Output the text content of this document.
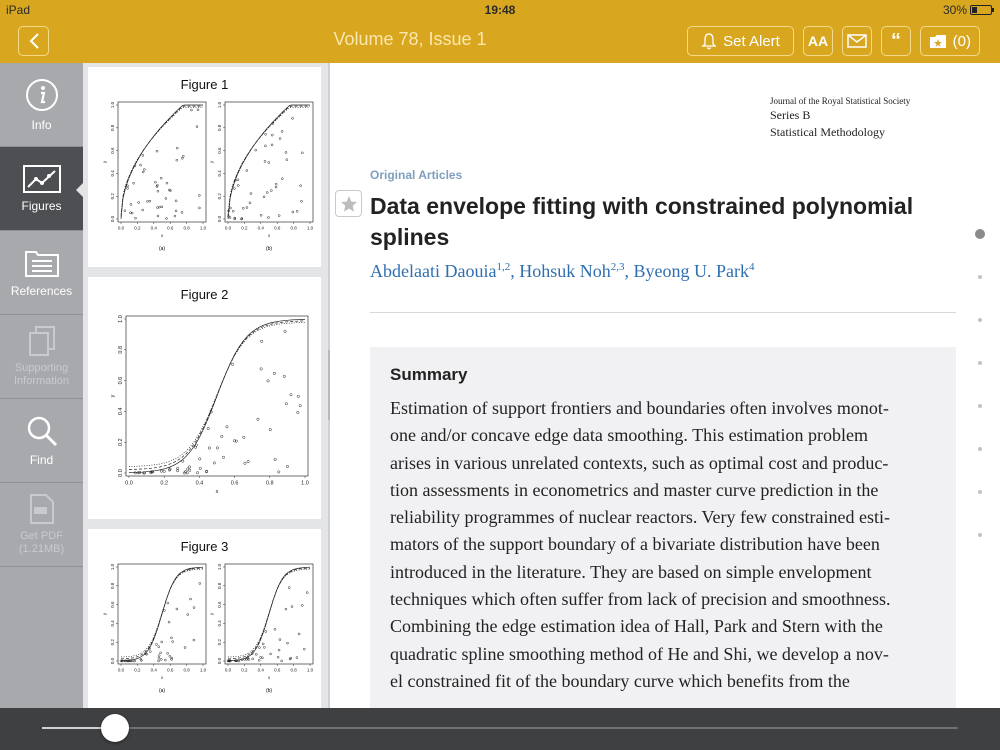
iPad	19:48	30%
Volume 78, Issue 1	Set Alert AA	“	(0)
Info
Figures
References
Supporting Information
Find
Get PDF (1.21MB)
Figure 1
0.0 0.2 0.4 0.6 0.8 1.0
0.0
0.2
0.4
0.6
0.8
1.0
x
y
0.0 0.2 0.4 0.6 0.8 1.0
0.0
0.2
0.4
0.6
0.8
1.0
x
y
(a)	(b)
Figure 2
0.0	0.2	0.4	0.6	0.8	1.0
0.0
0.2
0.4
0.6
0.8
1.0
x
y
Figure 3
0.0 0.2 0.4 0.6 0.8 1.0
0.0
0.2
0.4
0.6
0.8
1.0
x
y
0.0 0.2 0.4 0.6 0.8 1.0
0.0
0.2
0.4
0.6
0.8
1.0
x
y
(a)	(b)
Journal of the Royal Statistical Society
Series B
Statistical Methodology
Original Articles
Data envelope fitting with constrained polynomial splines
Abdelaati Daouia$^{1,2}$, Hohsuk Noh$^{2,3}$, Byeong U. Park$^4$
Summary

Estimation of support frontiers and boundaries often involves monot-
one and/or concave edge data smoothing. This estimation problem
arises in various unrelated contexts, such as optimal cost and produc-
tion assessments in econometrics and master curve prediction in the
reliability programmes of nuclear reactors. Very few constrained esti-
mators of the support boundary of a bivariate distribution have been
introduced in the literature. They are based on simple envelopment
techniques which often suffer from lack of precision and smoothness.
Combining the edge estimation idea of Hall, Park and Stern with the
quadratic spline smoothing method of He and Shi, we develop a nov-
el constrained fit of the boundary curve which benefits from the
